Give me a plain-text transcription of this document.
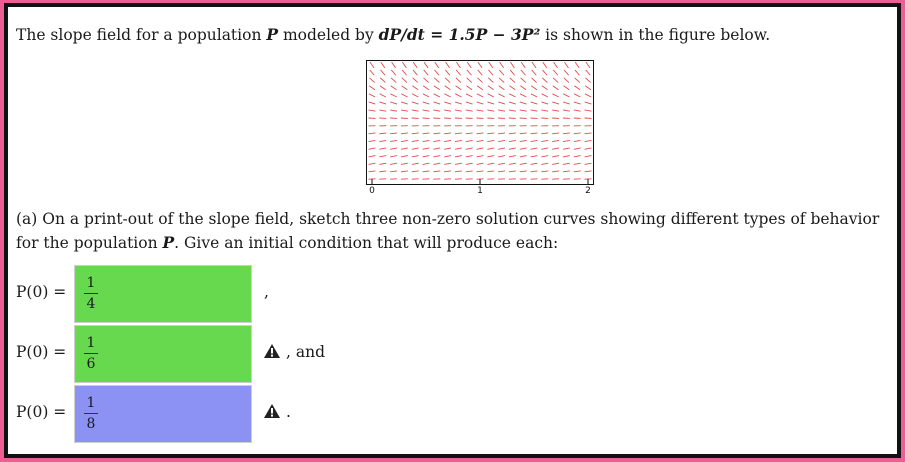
The slope field for a population P modeled by dP/dt = 1.5P − 3P² is shown in the figure below.

0	1	2

(a) On a print-out of the slope field, sketch three non-zero solution curves showing different types of behavior for the population P. Give an initial condition that will produce each:

P(0) = 1
4
,
P(0) = 1
6
, and
P(0) = 1
8
.
